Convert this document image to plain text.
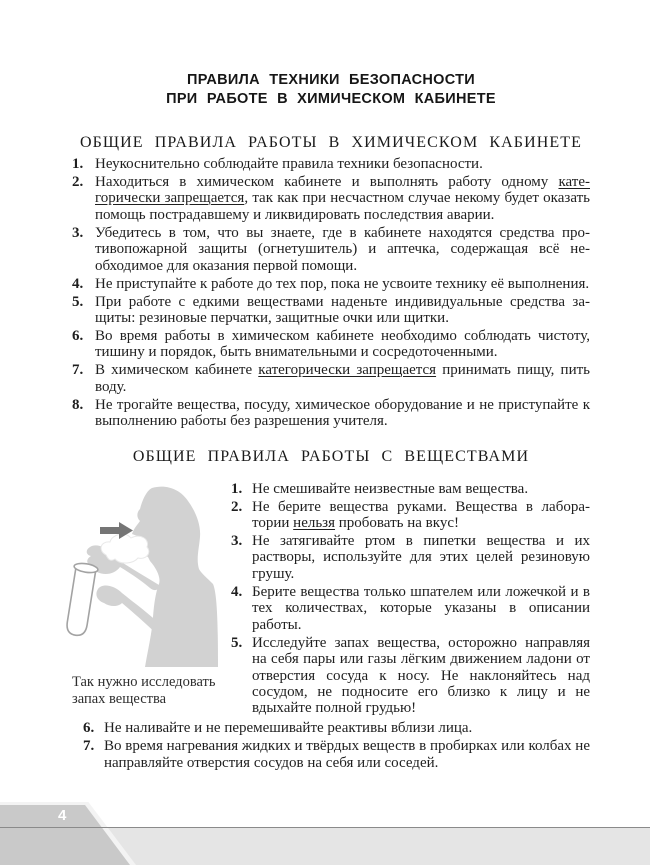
ПРАВИЛА ТЕХНИКИ БЕЗОПАСНОСТИ
ПРИ РАБОТЕ В ХИМИЧЕСКОМ КАБИНЕТЕ
ОБЩИЕ ПРАВИЛА РАБОТЫ В ХИМИЧЕСКОМ КАБИНЕТЕ
1. Неукоснительно соблюдайте правила техники безопасности.
2. Находиться в химическом кабинете и выполнять работу одному категорически запрещается, так как при несчастном случае некому будет оказать помощь пострадавшему и ликвидировать последствия аварии.
3. Убедитесь в том, что вы знаете, где в кабинете находятся средства противопожарной защиты (огнетушитель) и аптечка, содержащая всё необходимое для оказания первой помощи.
4. Не приступайте к работе до тех пор, пока не усвоите технику её выполнения.
5. При работе с едкими веществами наденьте индивидуальные средства защиты: резиновые перчатки, защитные очки или щитки.
6. Во время работы в химическом кабинете необходимо соблюдать чистоту, тишину и порядок, быть внимательными и сосредоточенными.
7. В химическом кабинете категорически запрещается принимать пищу, пить воду.
8. Не трогайте вещества, посуду, химическое оборудование и не приступайте к выполнению работы без разрешения учителя.
ОБЩИЕ ПРАВИЛА РАБОТЫ С ВЕЩЕСТВАМИ
Так нужно исследовать запах вещества
1. Не смешивайте неизвестные вам вещества.
2. Не берите вещества руками. Вещества в лаборатории нельзя пробовать на вкус!
3. Не затягивайте ртом в пипетки вещества и их растворы, используйте для этих целей резиновую грушу.
4. Берите вещества только шпателем или ложечкой и в тех количествах, которые указаны в описании работы.
5. Исследуйте запах вещества, осторожно направляя на себя пары или газы лёгким движением ладони от отверстия сосуда к носу. Не наклоняйтесь над сосудом, не подносите его близко к лицу и не вдыхайте полной грудью!
6. Не наливайте и не перемешивайте реактивы вблизи лица.
7. Во время нагревания жидких и твёрдых веществ в пробирках или колбах не направляйте отверстия сосудов на себя или соседей.
4
